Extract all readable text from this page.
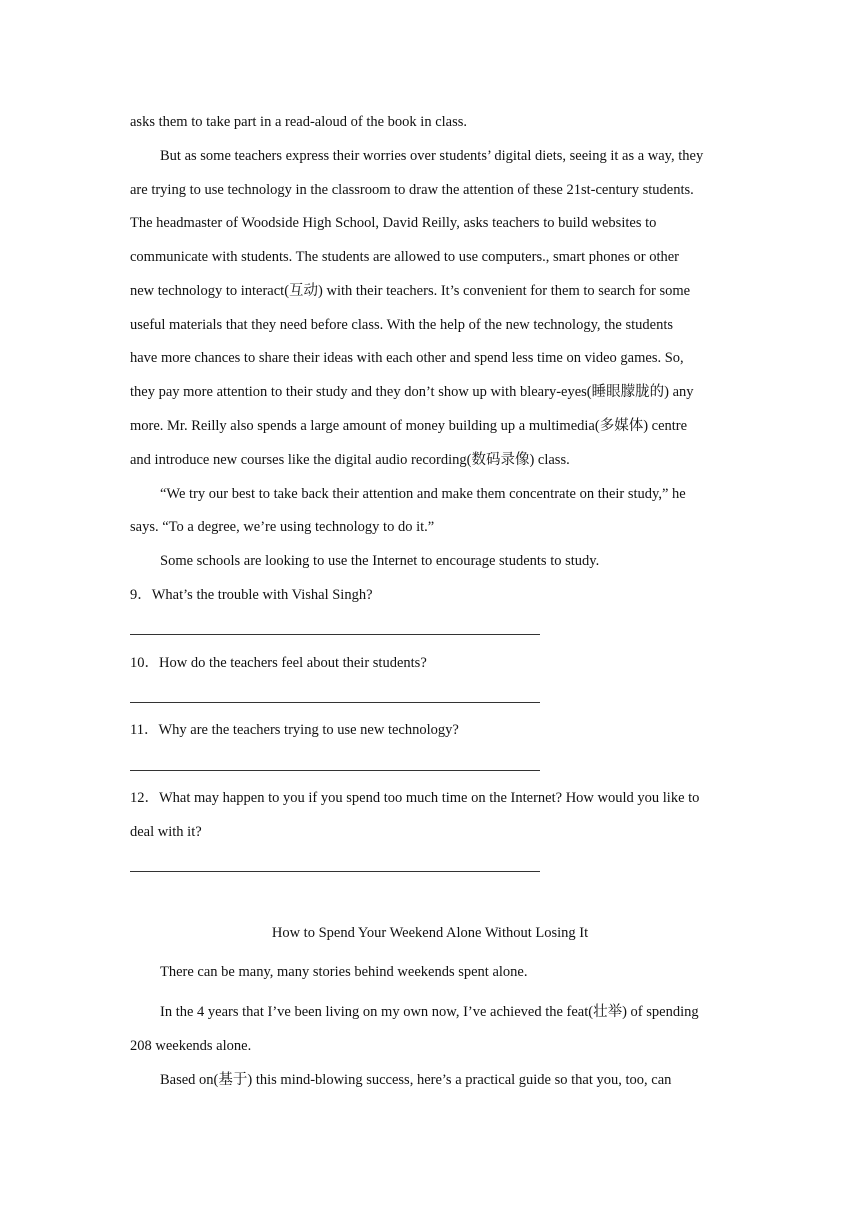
asks them to take part in a read-aloud of the book in class.
But as some teachers express their worries over students’ digital diets, seeing it as a way, they
are trying to use technology in the classroom to draw the attention of these 21st-century students.
The headmaster of Woodside High School, David Reilly, asks teachers to build websites to
communicate with students. The students are allowed to use computers., smart phones or other
new technology to interact(互动) with their teachers. It’s convenient for them to search for some
useful materials that they need before class. With the help of the new technology, the students
have more chances to share their ideas with each other and spend less time on video games. So,
they pay more attention to their study and they don’t show up with bleary-eyes(睡眼朦胧的) any
more. Mr. Reilly also spends a large amount of money building up a multimedia(多媒体) centre
and introduce new courses like the digital audio recording(数码录像) class.
“We try our best to take back their attention and make them concentrate on their study,” he
says. “To a degree, we’re using technology to do it.”
Some schools are looking to use the Internet to encourage students to study.
9．What’s the trouble with Vishal Singh?
10．How do the teachers feel about their students?
11．Why are the teachers trying to use new technology?
12．What may happen to you if you spend too much time on the Internet? How would you like to
deal with it?
How to Spend Your Weekend Alone Without Losing It
There can be many, many stories behind weekends spent alone.
In the 4 years that I’ve been living on my own now, I’ve achieved the feat(壮举) of spending
208 weekends alone.
Based on(基于) this mind-blowing success, here’s a practical guide so that you, too, can
